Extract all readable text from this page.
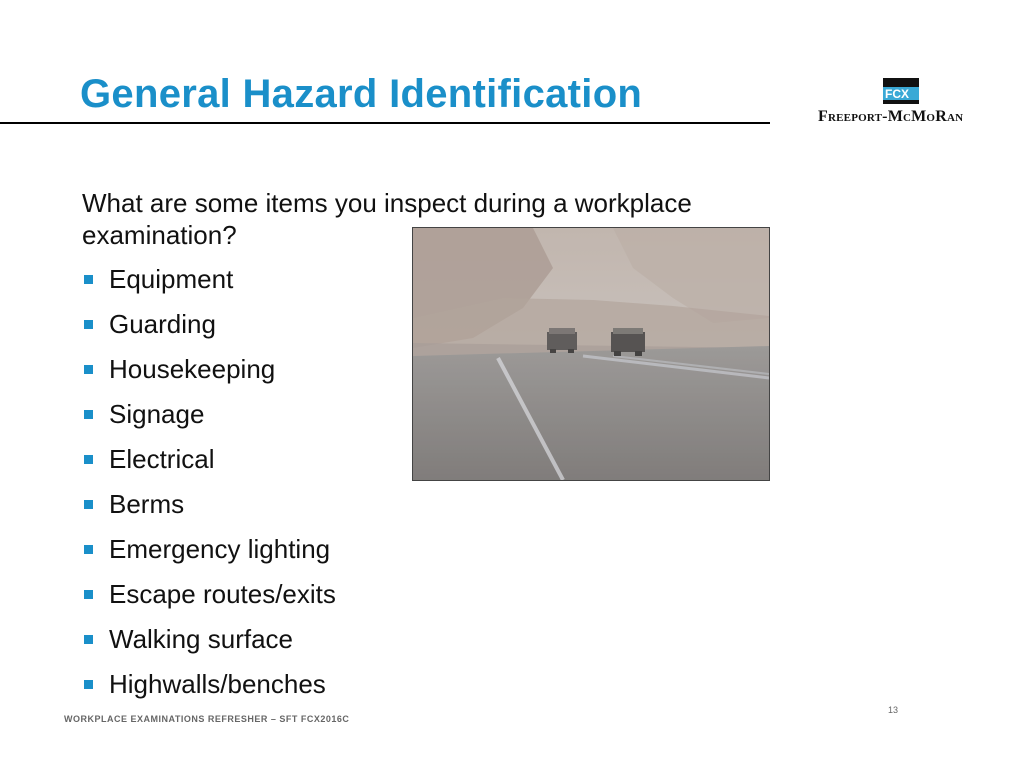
General Hazard Identification	FCX
Freeport-McMoRan
What are some items you inspect during a workplace examination?
Equipment
Guarding
Housekeeping
Signage
Electrical
Berms
Emergency lighting
Escape routes/exits
Walking surface
Highwalls/benches
WORKPLACE EXAMINATIONS REFRESHER – SFT FCX2016C
13
